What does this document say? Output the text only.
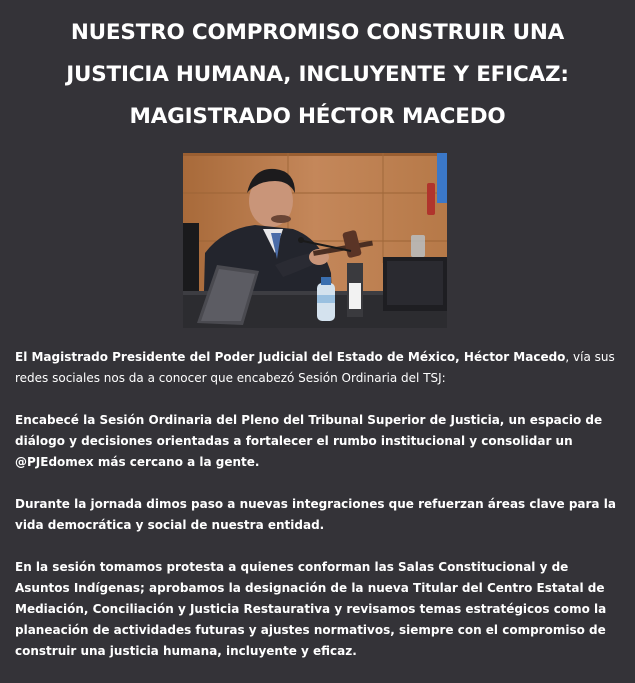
NUESTRO COMPROMISO CONSTRUIR UNA JUSTICIA HUMANA, INCLUYENTE Y EFICAZ: MAGISTRADO HÉCTOR MACEDO

El Magistrado Presidente del Poder Judicial del Estado de México, Héctor Macedo, vía sus redes sociales nos da a conocer que encabezó Sesión Ordinaria del TSJ:

Encabecé la Sesión Ordinaria del Pleno del Tribunal Superior de Justicia, un espacio de diálogo y decisiones orientadas a fortalecer el rumbo institucional y consolidar un @PJEdomex más cercano a la gente.

Durante la jornada dimos paso a nuevas integraciones que refuerzan áreas clave para la vida democrática y social de nuestra entidad.

En la sesión tomamos protesta a quienes conforman las Salas Constitucional y de Asuntos Indígenas; aprobamos la designación de la nueva Titular del Centro Estatal de Mediación, Conciliación y Justicia Restaurativa y revisamos temas estratégicos como la planeación de actividades futuras y ajustes normativos, siempre con el compromiso de construir una justicia humana, incluyente y eficaz.
